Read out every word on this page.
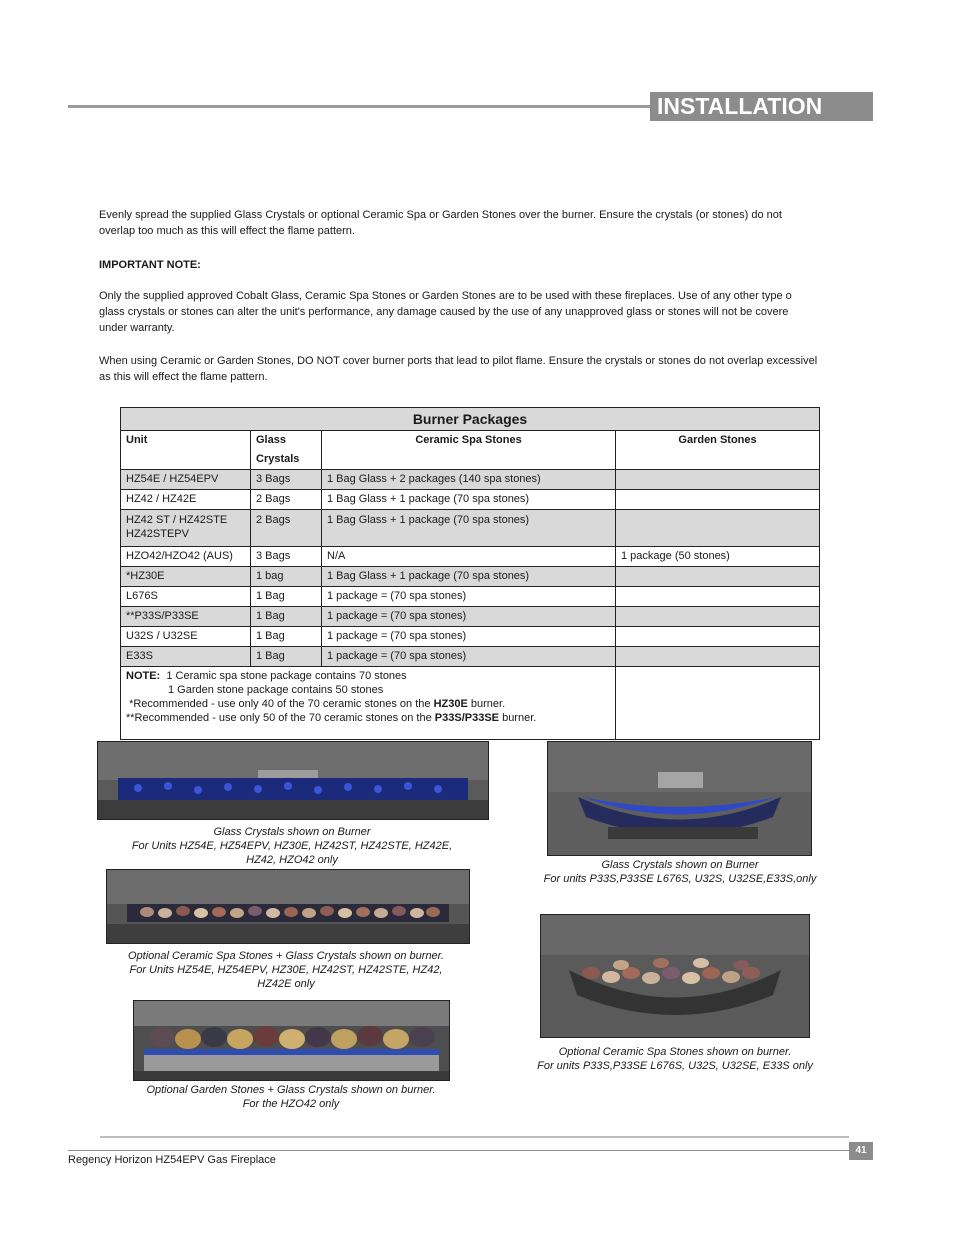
INSTALLATION
Evenly spread the supplied Glass Crystals or optional Ceramic Spa or Garden Stones over the burner. Ensure the crystals (or stones) do not
overlap too much as this will effect the flame pattern.
IMPORTANT NOTE:
Only the supplied approved Cobalt Glass, Ceramic Spa Stones or Garden Stones are to be used with these fireplaces. Use of any other type o
glass crystals or stones can alter the unit's performance, any damage caused by the use of any unapproved glass or stones will not be covere
under warranty.
When using Ceramic or Garden Stones, DO NOT cover burner ports that lead to pilot flame. Ensure the crystals or stones do not overlap excessivel
as this will effect the flame pattern.
Burner Packages			
Unit	Glass Crystals	Ceramic Spa Stones	Garden Stones
HZ54E / HZ54EPV	3 Bags	1 Bag Glass + 2 packages (140 spa stones)	
HZ42 / HZ42E	2 Bags	1 Bag Glass + 1 package (70 spa stones)	
HZ42 ST / HZ42STE
HZ42STEPV	2 Bags	1 Bag Glass + 1 package (70 spa stones)	
HZO42/HZO42 (AUS)	3 Bags	N/A	1 package (50 stones)
*HZ30E	1 bag	1 Bag Glass + 1 package (70 spa stones)	
L676S	1 Bag	1 package = (70 spa stones)	
**P33S/P33SE	1 Bag	1 package = (70 spa stones)	
U32S / U32SE	1 Bag	1 package = (70 spa stones)	
E33S	1 Bag	1 package = (70 spa stones)	
NOTE: 1 Ceramic spa stone package contains 70 stones
1 Garden stone package contains 50 stones
*Recommended - use only 40 of the 70 ceramic stones on the HZ30E burner.
**Recommended - use only 50 of the 70 ceramic stones on the P33S/P33SE burner.			
Glass Crystals shown on Burner
For Units HZ54E, HZ54EPV, HZ30E, HZ42ST, HZ42STE, HZ42E,
HZ42, HZO42 only	Glass Crystals shown on Burner
For units P33S,P33SE L676S, U32S, U32SE,E33S,only
Optional Ceramic Spa Stones + Glass Crystals shown on burner.
For Units HZ54E, HZ54EPV, HZ30E, HZ42ST, HZ42STE, HZ42,
HZ42E only
Optional Ceramic Spa Stones shown on burner.
For units P33S,P33SE L676S, U32S, U32SE, E33S only
Optional Garden Stones + Glass Crystals shown on burner.
For the HZO42 only
Regency Horizon HZ54EPV Gas Fireplace
41
